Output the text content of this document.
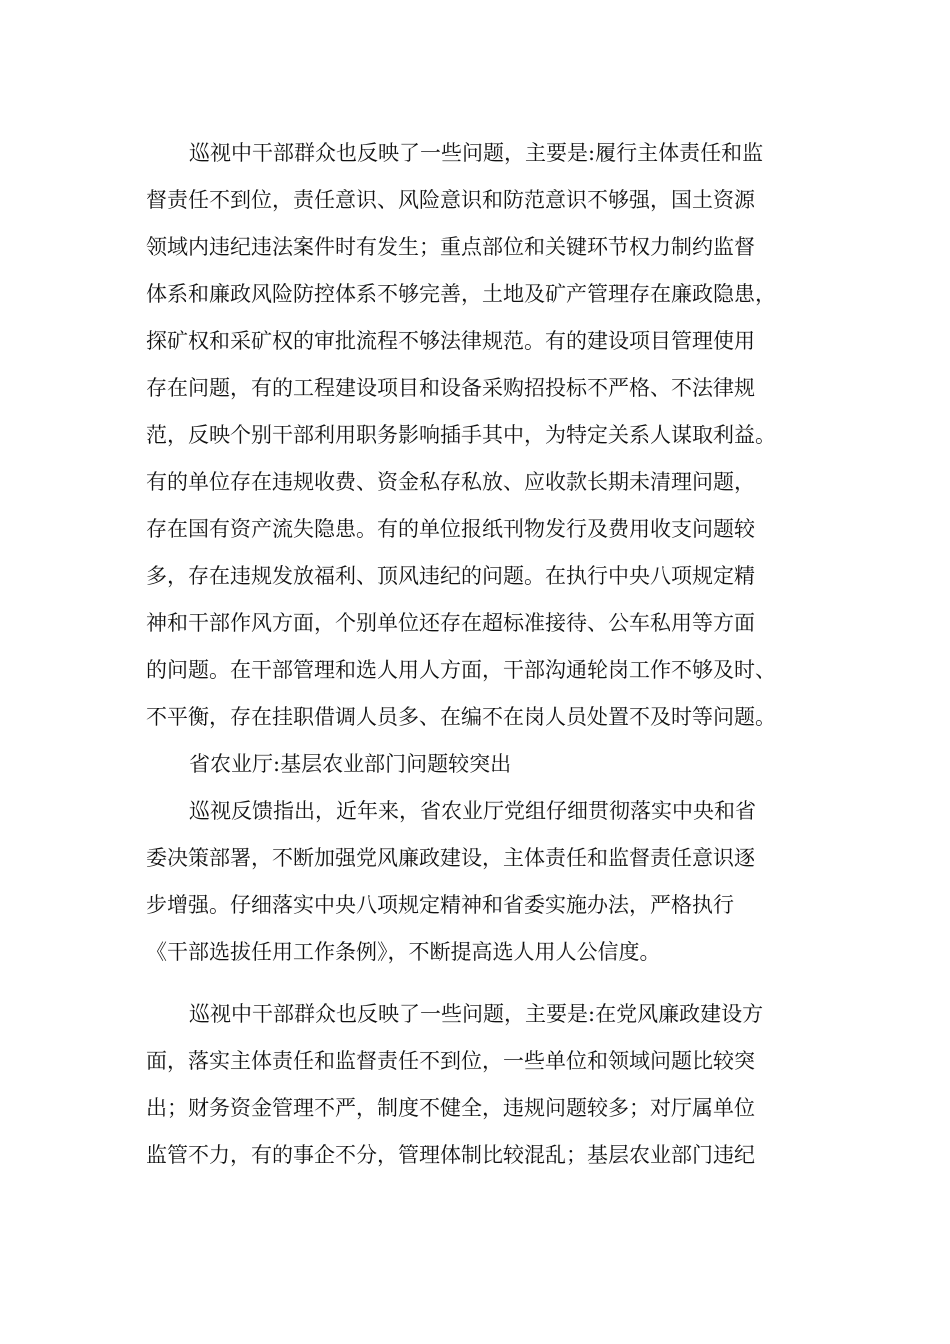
巡视中干部群众也反映了一些问题，主要是:履行主体责任和监
督责任不到位，责任意识、风险意识和防范意识不够强，国土资源
领域内违纪违法案件时有发生；重点部位和关键环节权力制约监督
体系和廉政风险防控体系不够完善，土地及矿产管理存在廉政隐患，
探矿权和采矿权的审批流程不够法律规范。有的建设项目管理使用
存在问题，有的工程建设项目和设备采购招投标不严格、不法律规
范，反映个别干部利用职务影响插手其中，为特定关系人谋取利益。
有的单位存在违规收费、资金私存私放、应收款长期未清理问题，
存在国有资产流失隐患。有的单位报纸刊物发行及费用收支问题较
多，存在违规发放福利、顶风违纪的问题。在执行中央八项规定精
神和干部作风方面，个别单位还存在超标准接待、公车私用等方面
的问题。在干部管理和选人用人方面，干部沟通轮岗工作不够及时、
不平衡，存在挂职借调人员多、在编不在岗人员处置不及时等问题。
省农业厅:基层农业部门问题较突出
巡视反馈指出，近年来，省农业厅党组仔细贯彻落实中央和省
委决策部署，不断加强党风廉政建设，主体责任和监督责任意识逐
步增强。仔细落实中央八项规定精神和省委实施办法，严格执行
《干部选拔任用工作条例》，不断提高选人用人公信度。
巡视中干部群众也反映了一些问题，主要是:在党风廉政建设方
面，落实主体责任和监督责任不到位，一些单位和领域问题比较突
出；财务资金管理不严，制度不健全，违规问题较多；对厅属单位
监管不力，有的事企不分，管理体制比较混乱；基层农业部门违纪
